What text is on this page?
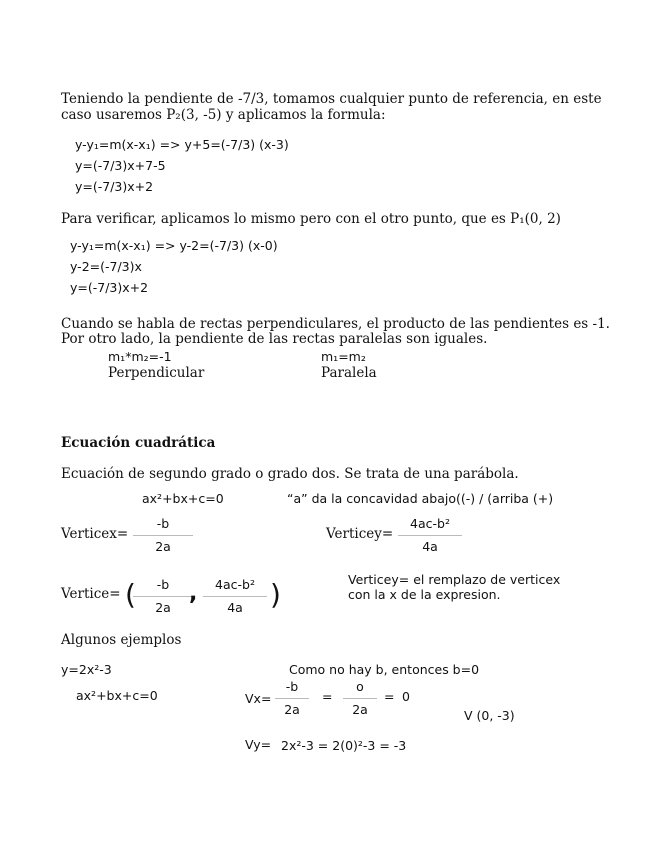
Teniendo la pendiente de -7/3, tomamos cualquier punto de referencia, en este
caso usaremos P₂(3, -5) y aplicamos la formula:
y-y₁=m(x-x₁) => y+5=(-7/3) (x-3)
y=(-7/3)x+7-5
y=(-7/3)x+2
Para verificar, aplicamos lo mismo pero con el otro punto, que es P₁(0, 2)
y-y₁=m(x-x₁) => y-2=(-7/3) (x-0)
y-2=(-7/3)x
y=(-7/3)x+2
Cuando se habla de rectas perpendiculares, el producto de las pendientes es -1.
Por otro lado, la pendiente de las rectas paralelas son iguales.
m₁*m₂=-1	m₁=m₂
Perpendicular	Paralela
Ecuación cuadrática
Ecuación de segundo grado o grado dos. Se trata de una parábola.
ax²+bx+c=0	“a” da la concavidad abajo((-) / (arriba (+)
Verticex=
-b
2a
Verticey=
4ac-b²
4a
Vertice= (	-b
2a
,	4ac-b²
4a )	Verticey= el remplazo de verticex
con la x de la expresion.
Algunos ejemplos
y=2x²-3	Como no hay b, entonces b=0
ax²+bx+c=0	Vx=
-b
2a
=
o
2a
= 0
V (0, -3)
Vy= 2x²-3 = 2(0)²-3 = -3
